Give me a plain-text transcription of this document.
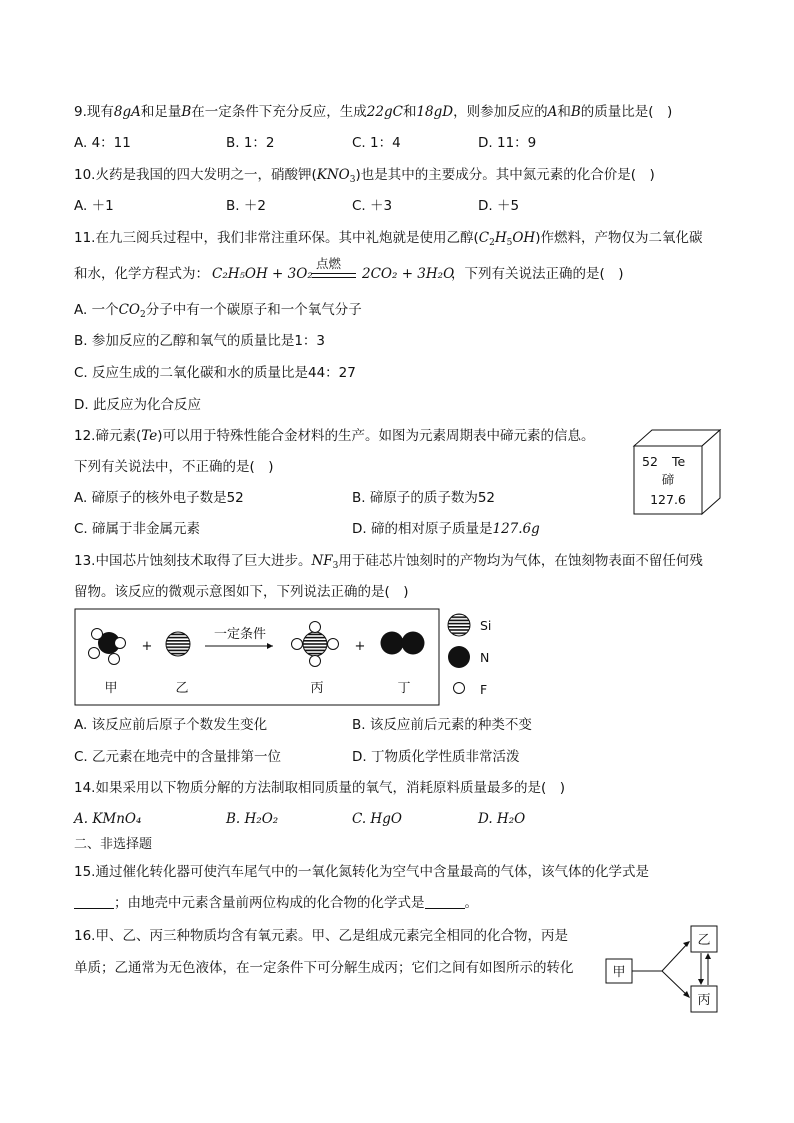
9.现有8gA和足量B在一定条件下充分反应，生成22gC和18gD，则参加反应的A和B的质量比是(　)
A. 4：11	B. 1：2	C. 1：4	D. 11：9
10.火药是我国的四大发明之一，硝酸钾$(KNO_3)$也是其中的主要成分。其中氮元素的化合价是(　)
A. ＋1	B. ＋2	C. ＋3	D. ＋5
11.在九三阅兵过程中，我们非常注重环保。其中礼炮就是使用乙醇$(C_2H_5OH)$作燃料，产物仅为二氧化碳
和水，化学方程式为： C₂H₅OH + 3O₂
点燃
2CO₂ + 3H₂O
，下列有关说法正确的是(　)
A. 一个$CO_2$分子中有一个碳原子和一个氧气分子
B. 参加反应的乙醇和氧气的质量比是1：3
C. 反应生成的二氧化碳和水的质量比是44：27
D. 此反应为化合反应
12.碲元素(Te)可以用于特殊性能合金材料的生产。如图为元素周期表中碲元素的信息。
下列有关说法中，不正确的是(　)
A. 碲原子的核外电子数是52	B. 碲原子的质子数为52
C. 碲属于非金属元素	D. 碲的相对原子质量是127.6g
52 Te
碲
127.6
13.中国芯片蚀刻技术取得了巨大进步。$NF_3$用于硅芯片蚀刻时的产物均为气体，在蚀刻物表面不留任何残
留物。该反应的微观示意图如下，下列说法正确的是(　)
甲
+
乙
一定条件
丙
+
丁
Si
N
F
A. 该反应前后原子个数发生变化	B. 该反应前后元素的种类不变
C. 乙元素在地壳中的含量排第一位	D. 丁物质化学性质非常活泼
14.如果采用以下物质分解的方法制取相同质量的氧气，消耗原料质量最多的是(　)
A. KMnO₄	B. H₂O₂	C. HgO	D. H₂O
二、非选择题
15.通过催化转化器可使汽车尾气中的一氧化氮转化为空气中含量最高的气体，该气体的化学式是
；由地壳中元素含量前两位构成的化合物的化学式是	。
16.甲、乙、丙三种物质均含有氧元素。甲、乙是组成元素完全相同的化合物，丙是
单质；乙通常为无色液体，在一定条件下可分解生成丙；它们之间有如图所示的转化	甲
乙
丙
